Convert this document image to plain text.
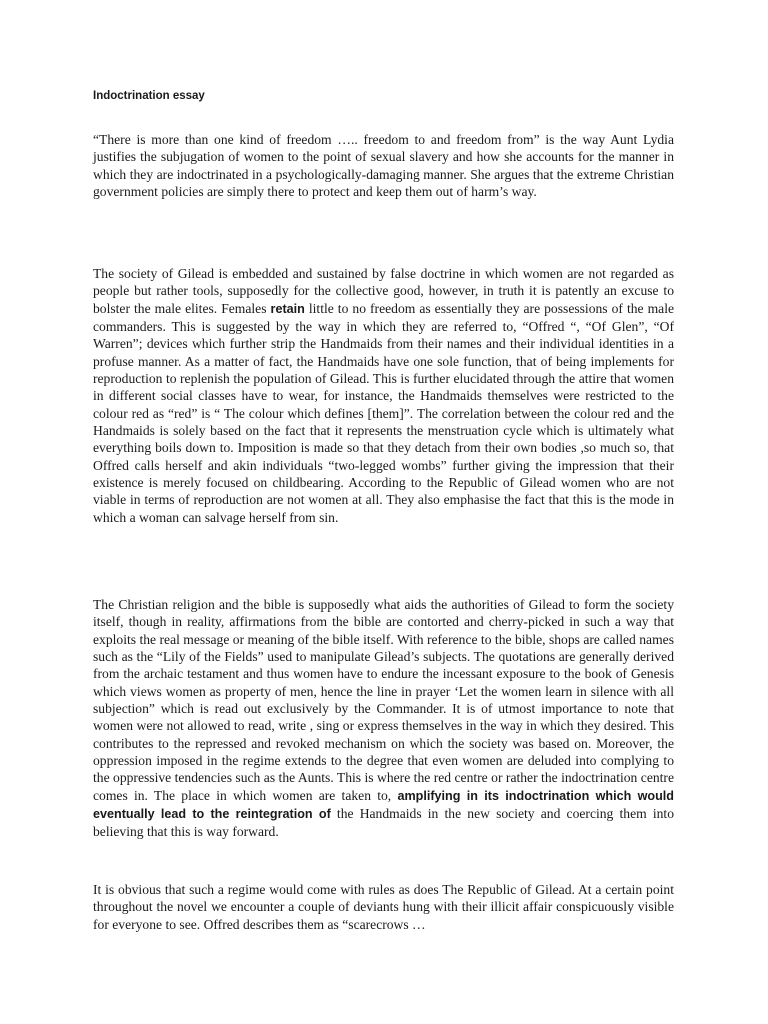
Indoctrination essay

“There is more than one kind of freedom ….. freedom to and freedom from” is the way Aunt Lydia justifies the subjugation of women to the point of sexual slavery and how she accounts for the manner in which they are indoctrinated in a psychologically-damaging manner. She argues that the extreme Christian government policies are simply there to protect and keep them out of harm’s way.

The society of Gilead is embedded and sustained by false doctrine in which women are not regarded as people but rather tools, supposedly for the collective good, however, in truth it is patently an excuse to bolster the male elites. Females retain little to no freedom as essentially they are possessions of the male commanders. This is suggested by the way in which they are referred to, “Offred “, “Of Glen”, “Of Warren”; devices which further strip the Handmaids from their names and their individual identities in a profuse manner. As a matter of fact, the Handmaids have one sole function, that of being implements for reproduction to replenish the population of Gilead. This is further elucidated through the attire that women in different social classes have to wear, for instance, the Handmaids themselves were restricted to the colour red as “red” is “ The colour which defines [them]”. The correlation between the colour red and the Handmaids is solely based on the fact that it represents the menstruation cycle which is ultimately what everything boils down to. Imposition is made so that they detach from their own bodies ,so much so, that Offred calls herself and akin individuals “two-legged wombs” further giving the impression that their existence is merely focused on childbearing. According to the Republic of Gilead women who are not viable in terms of reproduction are not women at all. They also emphasise the fact that this is the mode in which a woman can salvage herself from sin.

The Christian religion and the bible is supposedly what aids the authorities of Gilead to form the society itself, though in reality, affirmations from the bible are contorted and cherry-picked in such a way that exploits the real message or meaning of the bible itself. With reference to the bible, shops are called names such as the “Lily of the Fields” used to manipulate Gilead’s subjects. The quotations are generally derived from the archaic testament and thus women have to endure the incessant exposure to the book of Genesis which views women as property of men, hence the line in prayer ‘Let the women learn in silence with all subjection” which is read out exclusively by the Commander. It is of utmost importance to note that women were not allowed to read, write , sing or express themselves in the way in which they desired. This contributes to the repressed and revoked mechanism on which the society was based on. Moreover, the oppression imposed in the regime extends to the degree that even women are deluded into complying to the oppressive tendencies such as the Aunts. This is where the red centre or rather the indoctrination centre comes in. The place in which women are taken to, amplifying in its indoctrination which would eventually lead to the reintegration of the Handmaids in the new society and coercing them into believing that this is way forward.

It is obvious that such a regime would come with rules as does The Republic of Gilead. At a certain point throughout the novel we encounter a couple of deviants hung with their illicit affair conspicuously visible for everyone to see. Offred describes them as “scarecrows …
